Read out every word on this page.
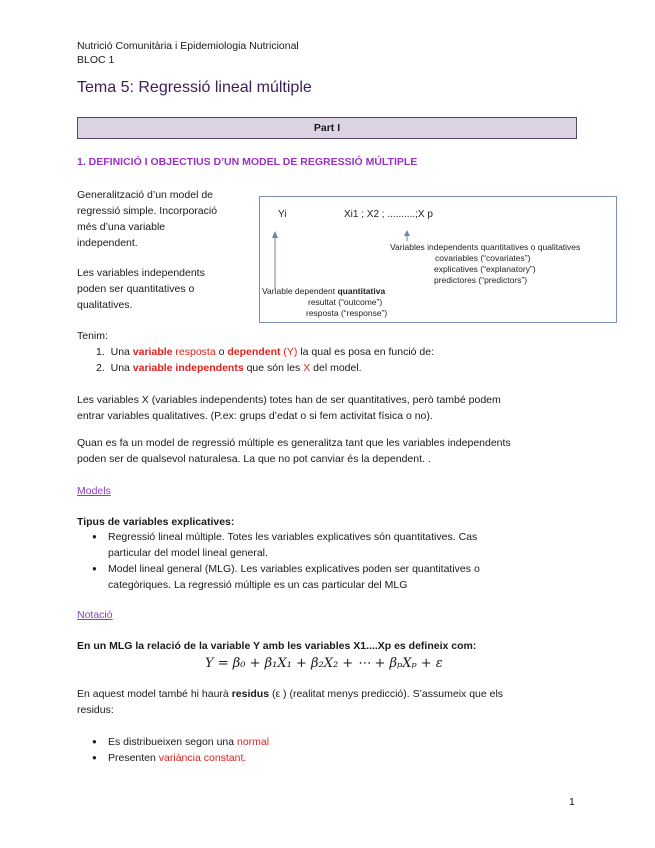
Nutrició Comunitària i Epidemiologia Nutricional
BLOC 1
Tema 5: Regressió lineal múltiple
Part I
1. DEFINICIÓ I OBJECTIUS D’UN MODEL DE REGRESSIÓ MÚLTIPLE
Generalització d’un model de
regressió simple. Incorporació
més d’una variable
independent.
Les variables independents
poden ser quantitatives o
qualitatives.
Yi	Xi1 ; X2 ; ..........;X p
Variables independents quantitatives o qualitatives
covariables (“covariates”)
explicatives (“explanatory”)
predictores (“predictors”)
Variable dependent quantitativa
resultat (“outcome”)
resposta (“response”)
Tenim:
1. Una variable resposta o dependent (Y) la qual es posa en funció de:
2. Una variable independents que són les X del model.
Les variables X (variables independents) totes han de ser quantitatives, però també podem
entrar variables qualitatives. (P.ex: grups d’edat o si fem activitat física o no).
Quan es fa un model de regressió múltiple es generalitza tant que les variables independents
poden ser de qualsevol naturalesa. La que no pot canviar és la dependent. .
Models
Tipus de variables explicatives:
● Regressió lineal múltiple. Totes les variables explicatives són quantitatives. Cas
particular del model lineal general.
● Model lineal general (MLG). Les variables explicatives poden ser quantitatives o
categòriques. La regressió múltiple es un cas particular del MLG
Notació
En un MLG la relació de la variable Y amb les variables X1....Xp es defineix com:
Y = β₀ + β₁X₁ + β₂X₂ + ⋯ + βₚXₚ + ε
En aquest model també hi haurà residus (ε ) (realitat menys predicció). S’assumeix que els
residus:
● Es distribueixen segon una normal
● Presenten variància constant.
1
